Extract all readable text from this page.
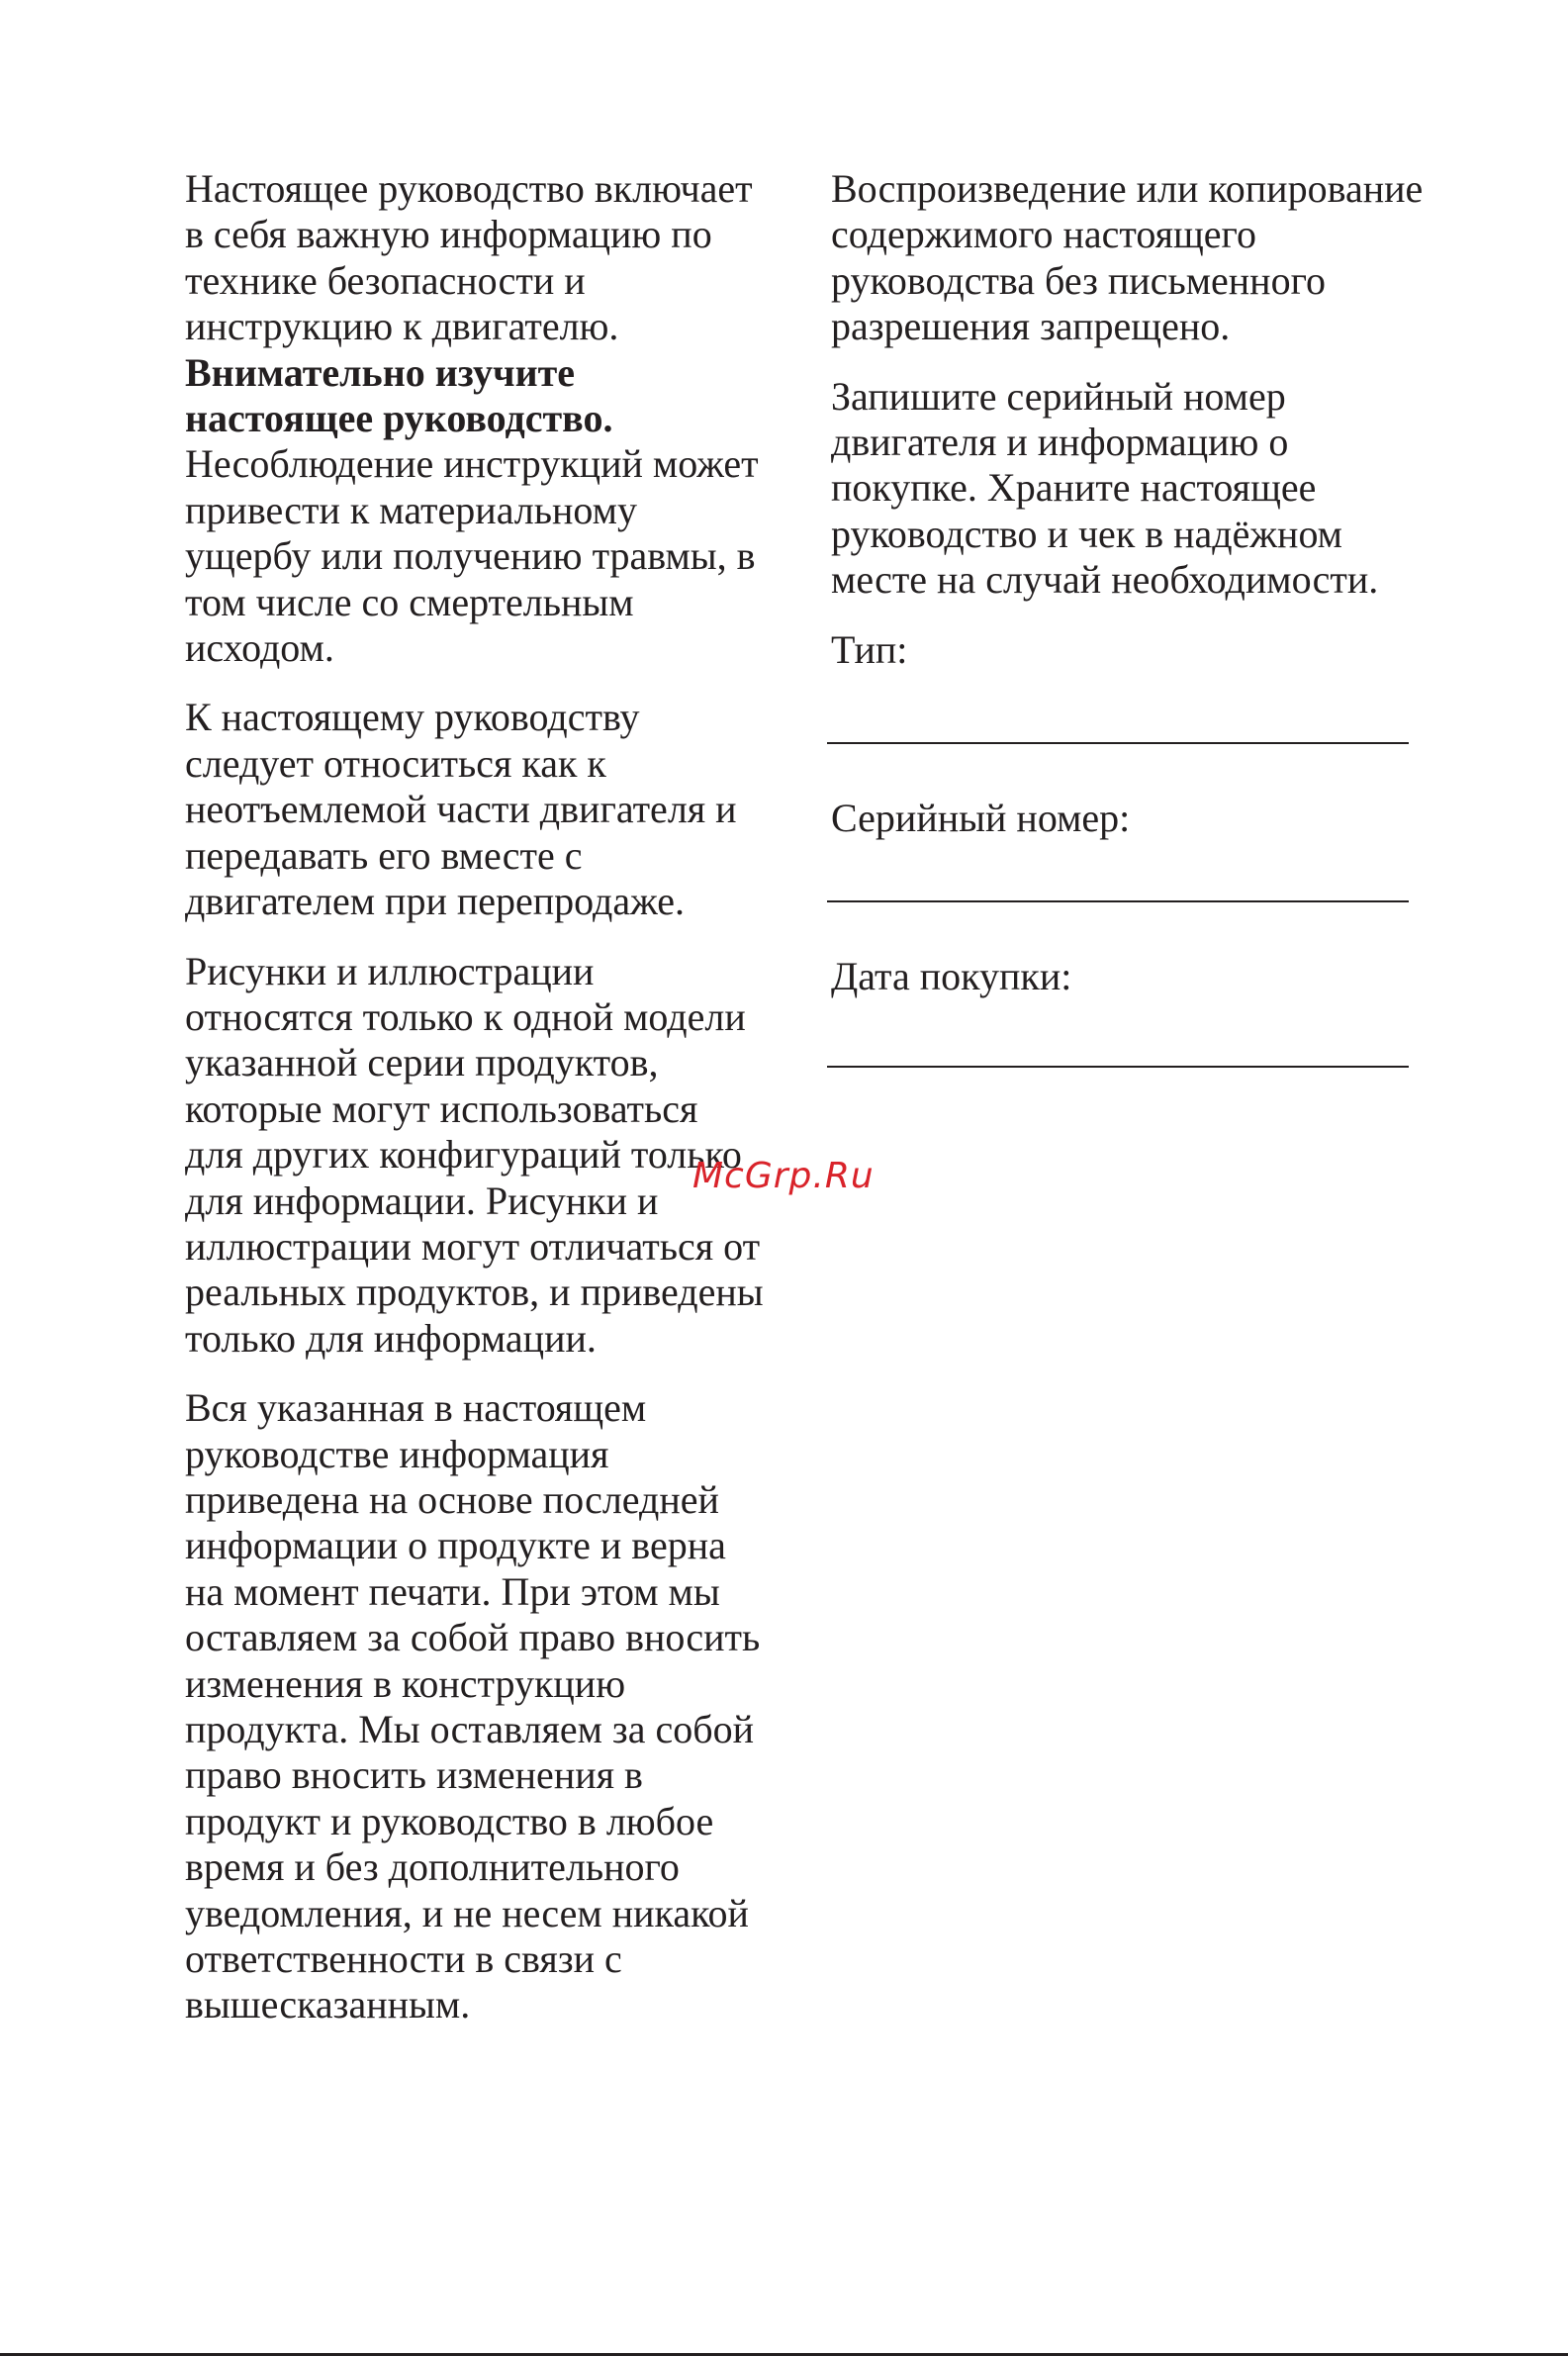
Настоящее руководство включает в себя важную информацию по технике безопасности и инструкцию к двигателю. Внимательно изучите настоящее руководство. Несоблюдение инструкций может привести к материальному ущербу или получению травмы, в том числе со смертельным исходом.

К настоящему руководству следует относиться как к неотъемлемой части двигателя и передавать его вместе с двигателем при перепродаже.

Рисунки и иллюстрации относятся только к одной модели указанной серии продуктов, которые могут использоваться для других конфигураций только для информации. Рисунки и иллюстрации могут отличаться от реальных продуктов, и приведены только для информации.

Вся указанная в настоящем руководстве информация приведена на основе последней информации о продукте и верна на момент печати. При этом мы оставляем за собой право вносить изменения в конструкцию продукта. Мы оставляем за собой право вносить изменения в продукт и руководство в любое время и без дополнительного уведомления, и не несем никакой ответственности в связи с вышесказанным.

Воспроизведение или копирование содержимого настоящего руководства без письменного разрешения запрещено.

Запишите серийный номер двигателя и информацию о покупке. Храните настоящее руководство и чек в надёжном месте на случай необходимости.

Тип:

Серийный номер:

Дата покупки:

McGrp.Ru
